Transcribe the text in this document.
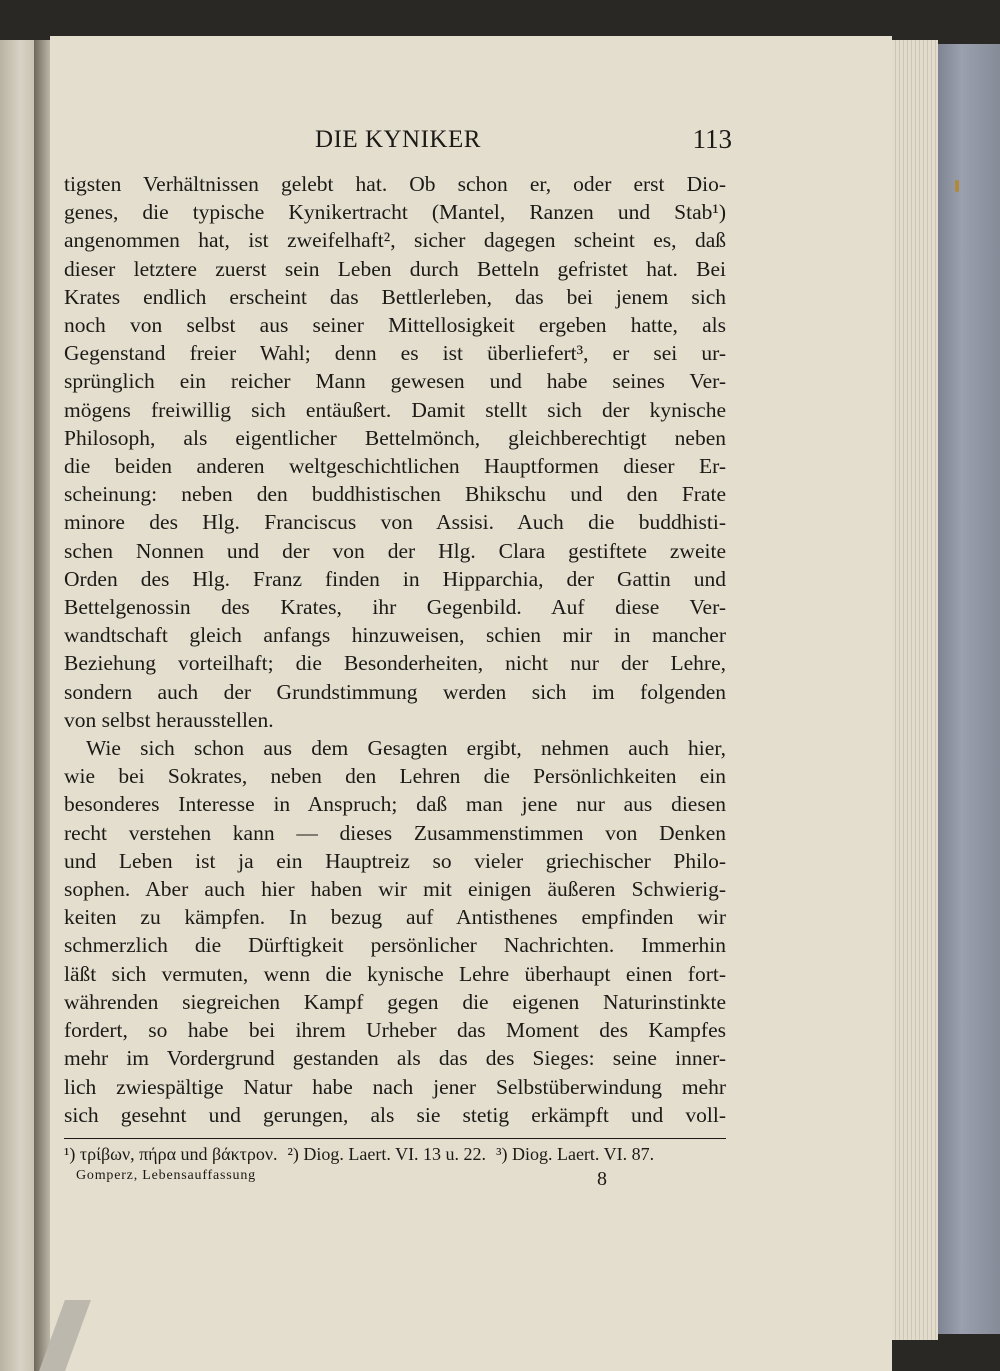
DIE KYNIKER	113
tigsten Verhältnissen gelebt hat. Ob schon er, oder erst Dio-
genes, die typische Kynikertracht (Mantel, Ranzen und Stab¹)
angenommen hat, ist zweifelhaft², sicher dagegen scheint es, daß
dieser letztere zuerst sein Leben durch Betteln gefristet hat. Bei
Krates endlich erscheint das Bettlerleben, das bei jenem sich
noch von selbst aus seiner Mittellosigkeit ergeben hatte, als
Gegenstand freier Wahl; denn es ist überliefert³, er sei ur-
sprünglich ein reicher Mann gewesen und habe seines Ver-
mögens freiwillig sich entäußert. Damit stellt sich der kynische
Philosoph, als eigentlicher Bettelmönch, gleichberechtigt neben
die beiden anderen weltgeschichtlichen Hauptformen dieser Er-
scheinung: neben den buddhistischen Bhikschu und den Frate
minore des Hlg. Franciscus von Assisi. Auch die buddhisti-
schen Nonnen und der von der Hlg. Clara gestiftete zweite
Orden des Hlg. Franz finden in Hipparchia, der Gattin und
Bettelgenossin des Krates, ihr Gegenbild. Auf diese Ver-
wandtschaft gleich anfangs hinzuweisen, schien mir in mancher
Beziehung vorteilhaft; die Besonderheiten, nicht nur der Lehre,
sondern auch der Grundstimmung werden sich im folgenden
von selbst herausstellen.
Wie sich schon aus dem Gesagten ergibt, nehmen auch hier,
wie bei Sokrates, neben den Lehren die Persönlichkeiten ein
besonderes Interesse in Anspruch; daß man jene nur aus diesen
recht verstehen kann — dieses Zusammenstimmen von Denken
und Leben ist ja ein Hauptreiz so vieler griechischer Philo-
sophen. Aber auch hier haben wir mit einigen äußeren Schwierig-
keiten zu kämpfen. In bezug auf Antisthenes empfinden wir
schmerzlich die Dürftigkeit persönlicher Nachrichten. Immerhin
läßt sich vermuten, wenn die kynische Lehre überhaupt einen fort-
währenden siegreichen Kampf gegen die eigenen Naturinstinkte
fordert, so habe bei ihrem Urheber das Moment des Kampfes
mehr im Vordergrund gestanden als das des Sieges: seine inner-
lich zwiespältige Natur habe nach jener Selbstüberwindung mehr
sich gesehnt und gerungen, als sie stetig erkämpft und voll-
¹) τρίβων, πήρα und βάκτρον. ²) Diog. Laert. VI. 13 u. 22. ³) Diog. Laert. VI. 87.
Gomperz, Lebensauffassung	8
